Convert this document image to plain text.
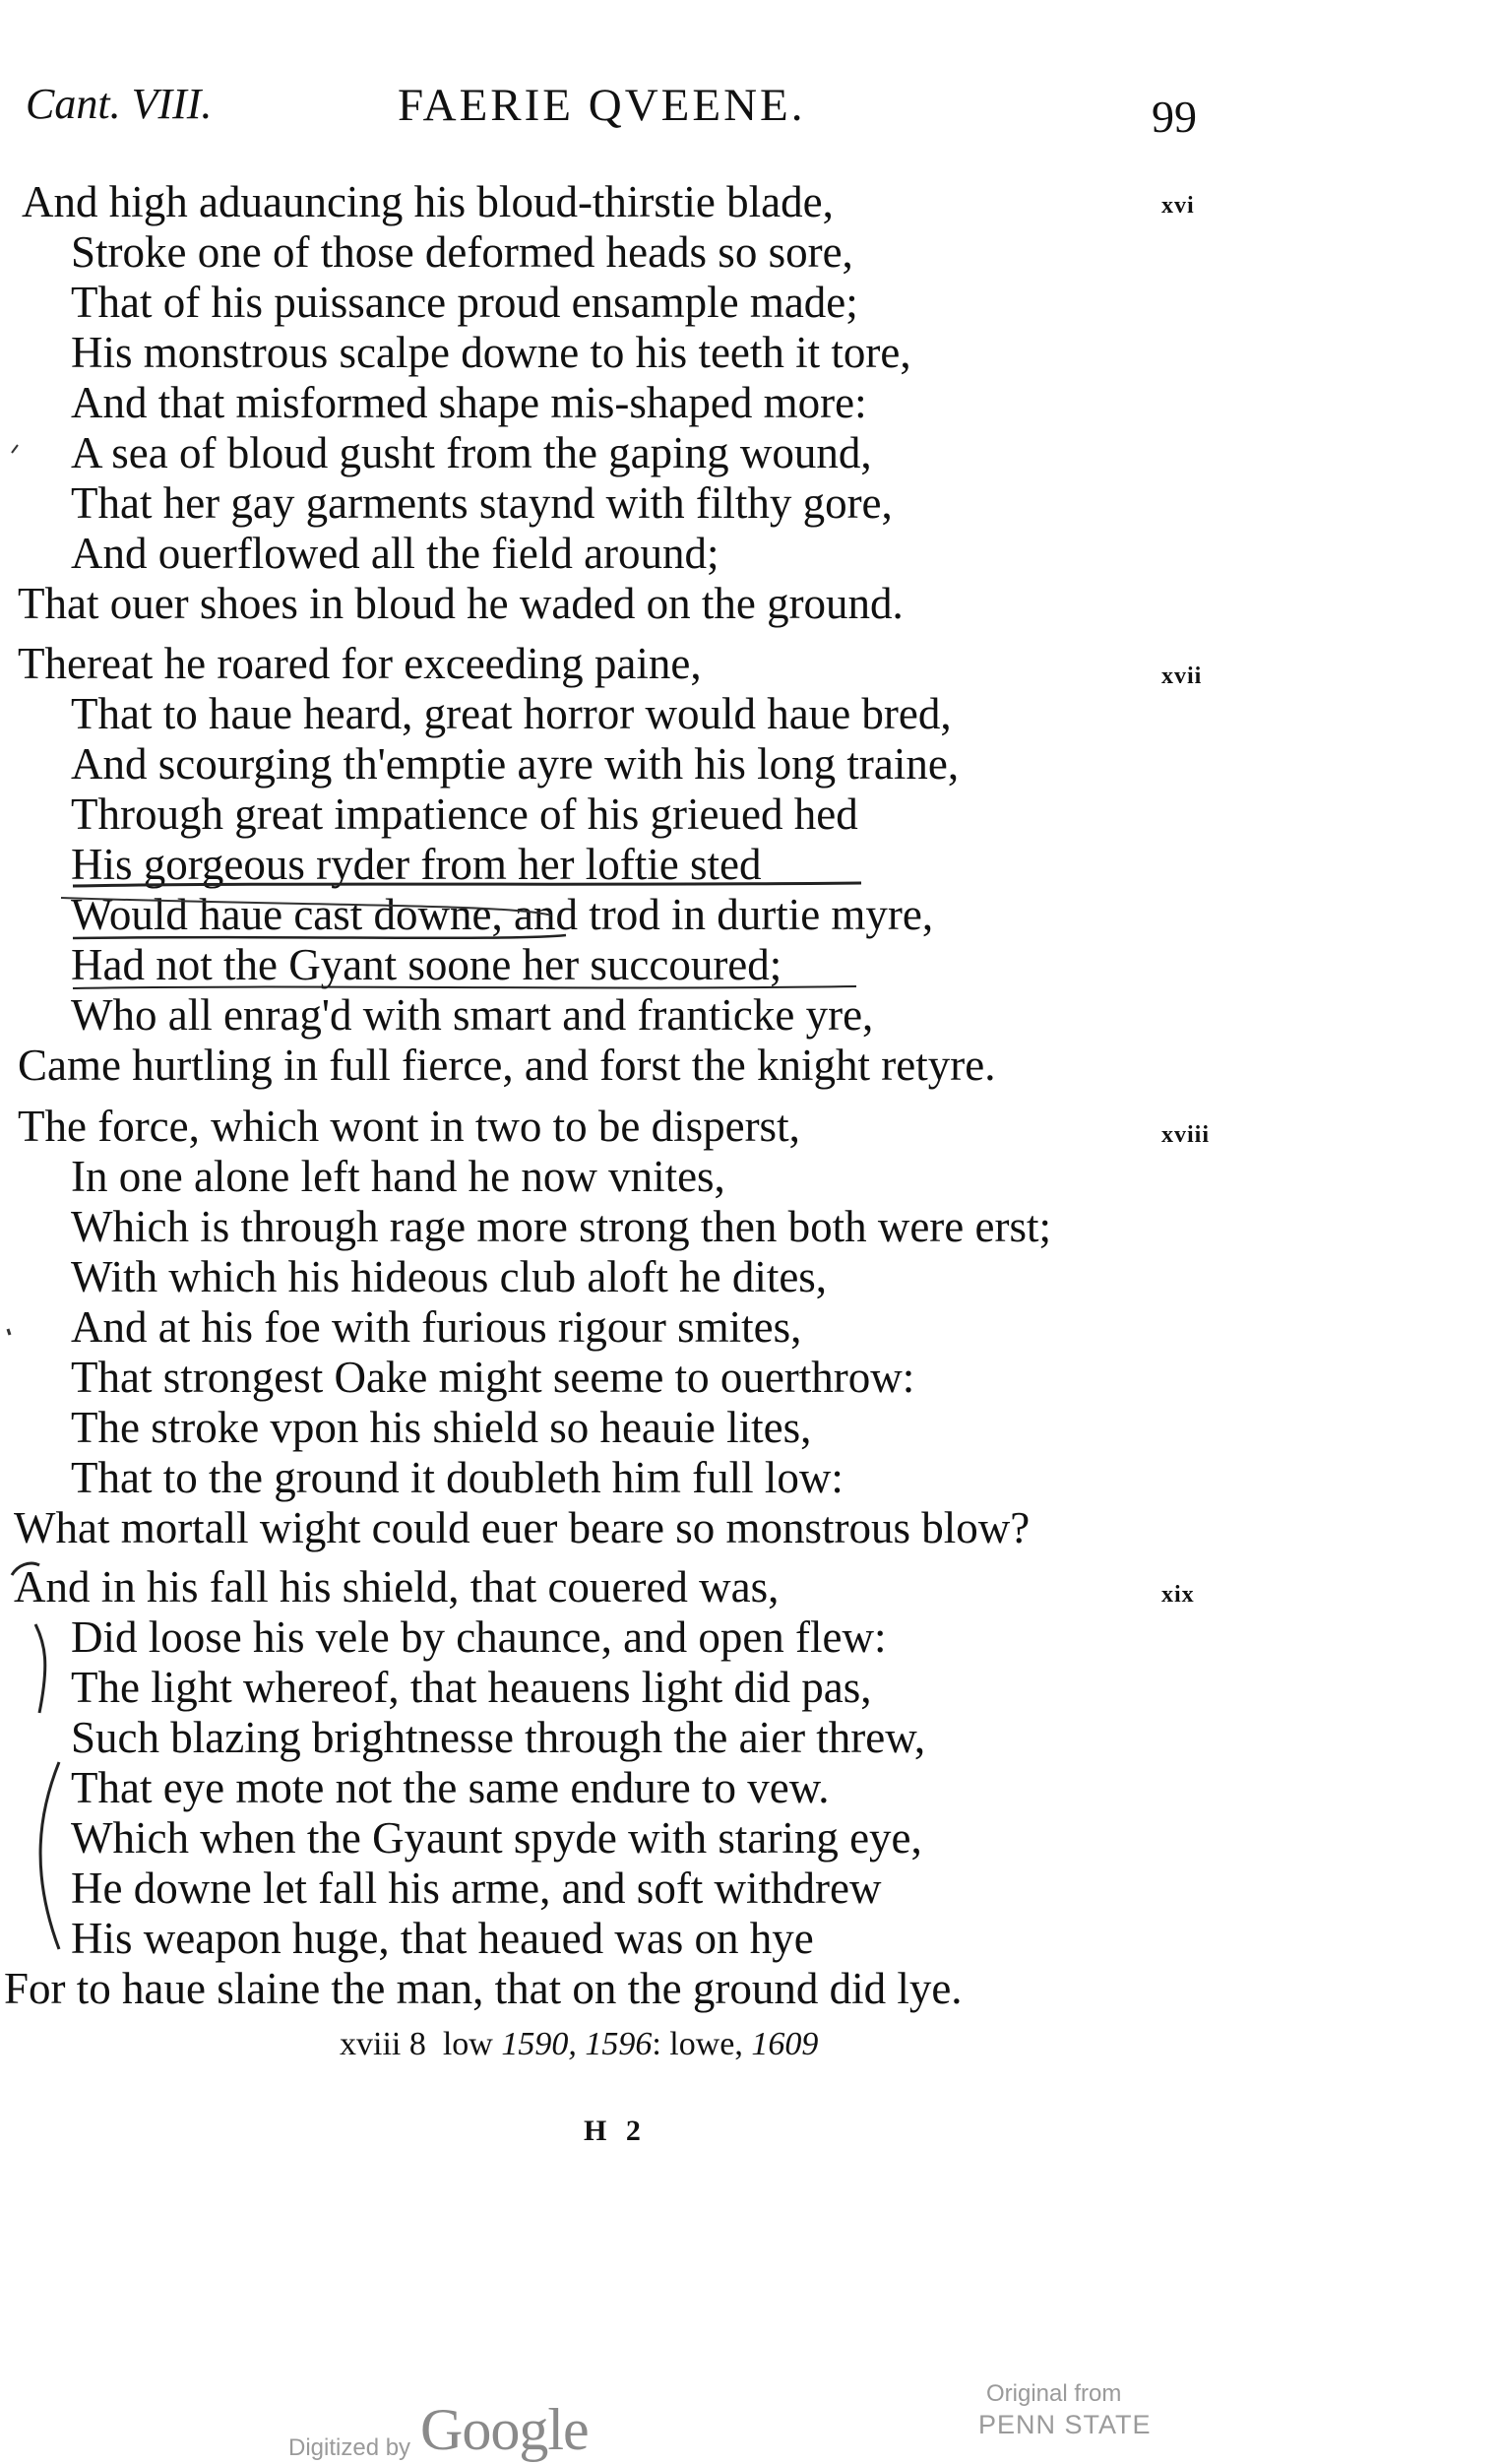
Cant. VIII.	FAERIE QVEENE.	99
xvi
And high aduauncing his bloud-thirstie blade,
Stroke one of those deformed heads so sore,
That of his puissance proud ensample made;
His monstrous scalpe downe to his teeth it tore,
And that misformed shape mis-shaped more:
A sea of bloud gusht from the gaping wound,
That her gay garments staynd with filthy gore,
And ouerflowed all the field around;
That ouer shoes in bloud he waded on the ground.
xvii
Thereat he roared for exceeding paine,
That to haue heard, great horror would haue bred,
And scourging th'emptie ayre with his long traine,
Through great impatience of his grieued hed
His gorgeous ryder from her loftie sted
Would haue cast downe, and trod in durtie myre,
Had not the Gyant soone her succoured;
Who all enrag'd with smart and franticke yre,
Came hurtling in full fierce, and forst the knight retyre.
xviii
The force, which wont in two to be disperst,
In one alone left hand he now vnites,
Which is through rage more strong then both were erst;
With which his hideous club aloft he dites,
And at his foe with furious rigour smites,
That strongest Oake might seeme to ouerthrow:
The stroke vpon his shield so heauie lites,
That to the ground it doubleth him full low:
What mortall wight could euer beare so monstrous blow?
xix
And in his fall his shield, that couered was,
Did loose his vele by chaunce, and open flew:
The light whereof, that heauens light did pas,
Such blazing brightnesse through the aier threw,
That eye mote not the same endure to vew.
Which when the Gyaunt spyde with staring eye,
He downe let fall his arme, and soft withdrew
His weapon huge, that heaued was on hye
For to haue slaine the man, that on the ground did lye.
xviii 8 low 1590, 1596: lowe, 1609
H 2
Digitized by Google
Original from
PENN STATE
